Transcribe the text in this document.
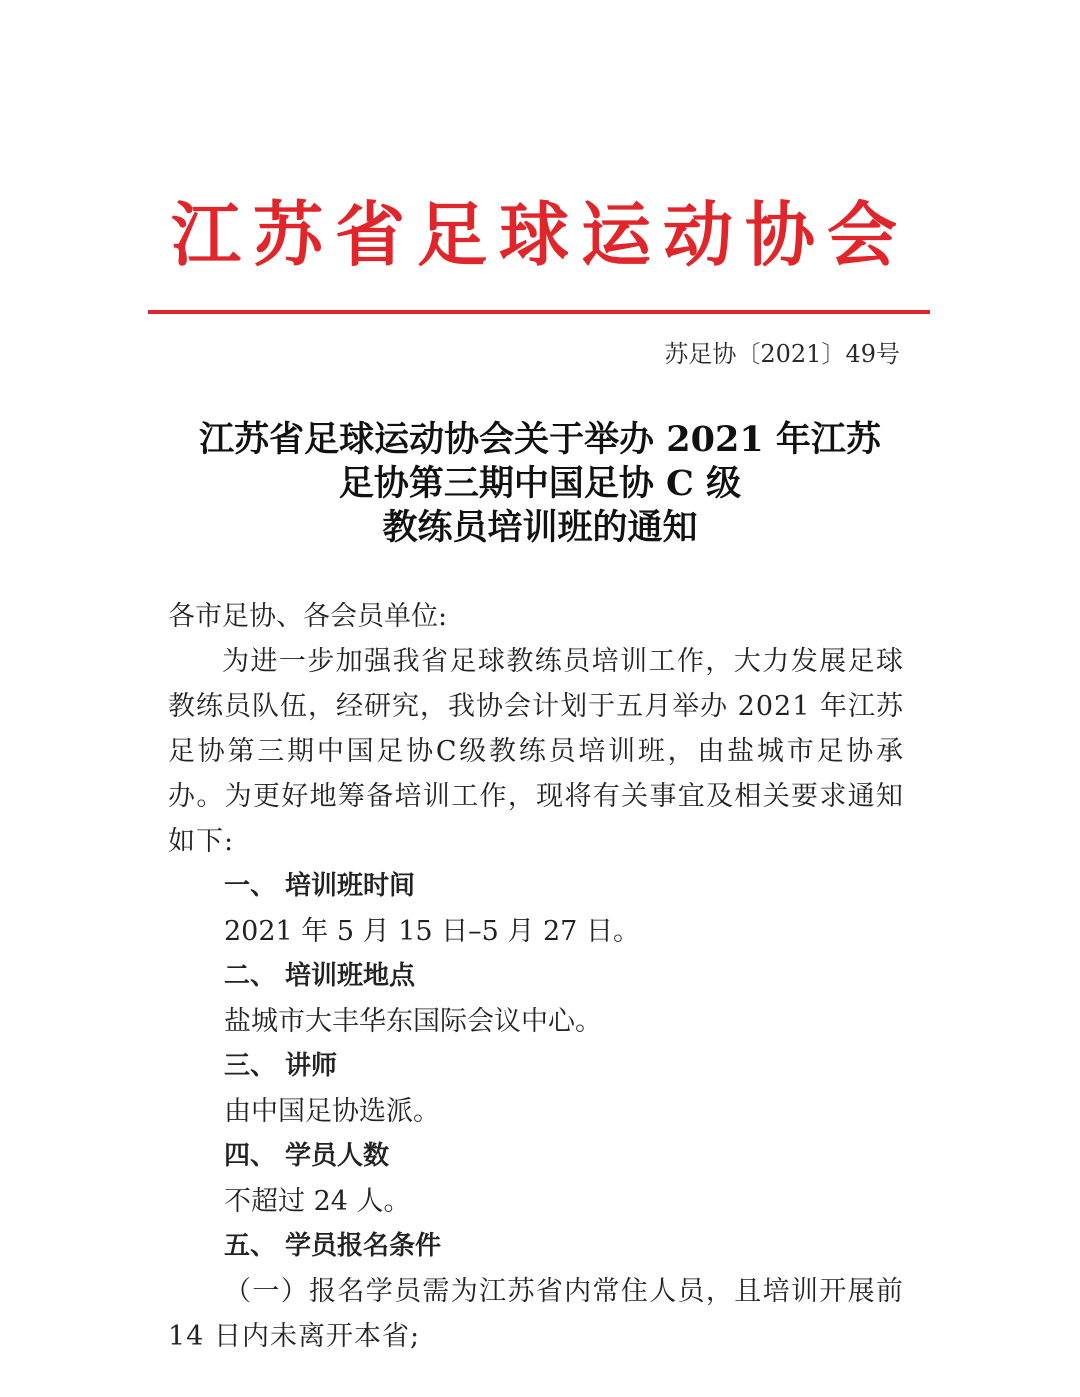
江苏省足球运动协会
苏足协〔2021〕49号
江苏省足球运动协会关于举办 2021 年江苏
足协第三期中国足协 C 级
教练员培训班的通知

各市足协、各会员单位:

为进一步加强我省足球教练员培训工作，大力发展足球教练员队伍，经研究，我协会计划于五月举办 2021 年江苏足协第三期中国足协C级教练员培训班，由盐城市足协承办。为更好地筹备培训工作，现将有关事宜及相关要求通知如下:

一、 培训班时间

2021 年 5 月 15 日–5 月 27 日。

二、 培训班地点

盐城市大丰华东国际会议中心。

三、 讲师

由中国足协选派。

四、 学员人数

不超过 24 人。

五、 学员报名条件

（一）报名学员需为江苏省内常住人员，且培训开展前14 日内未离开本省;
